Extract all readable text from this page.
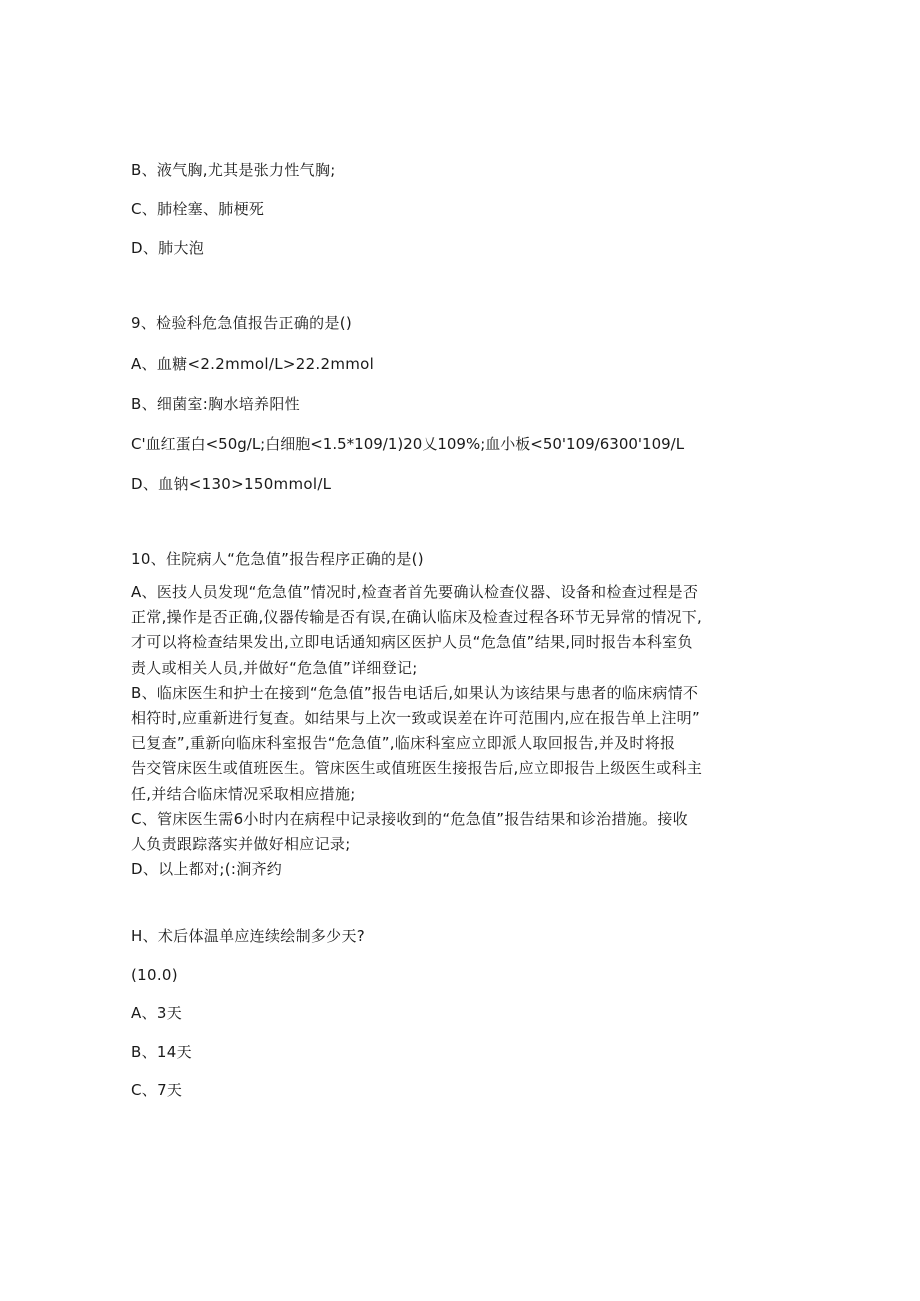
B、液气胸,尤其是张力性气胸;
C、肺栓塞、肺梗死
D、肺大泡
9、检验科危急值报告正确的是()
A、血糖<2.2mmol∕L>22.2mmol
B、细菌室:胸水培养阳性
C'血红蛋白<50g∕L;白细胞<1.5*109/1)20乂109%;血小板<50'109/6300'109/L
D、血钠<130>150mmol∕L
10、住院病人“危急值”报告程序正确的是()
A、医技人员发现“危急值”情况时,检查者首先要确认检查仪器、设备和检查过程是否
正常,操作是否正确,仪器传输是否有误,在确认临床及检查过程各环节无异常的情况下,
才可以将检查结果发出,立即电话通知病区医护人员“危急值”结果,同时报告本科室负
责人或相关人员,并做好“危急值”详细登记;
B、临床医生和护士在接到“危急值”报告电话后,如果认为该结果与患者的临床病情不
相符时,应重新进行复查。如结果与上次一致或误差在许可范围内,应在报告单上注明”
已复查”,重新向临床科室报告“危急值”,临床科室应立即派人取回报告,并及时将报
告交管床医生或值班医生。管床医生或值班医生接报告后,应立即报告上级医生或科主
任,并结合临床情况采取相应措施;
C、管床医生需6小时内在病程中记录接收到的“危急值”报告结果和诊治措施。接收
人负责跟踪落实并做好相应记录;
D、以上都对;(:涧齐约
H、术后体温单应连续绘制多少天?
(10.0)
A、3天
B、14天
C、7天
